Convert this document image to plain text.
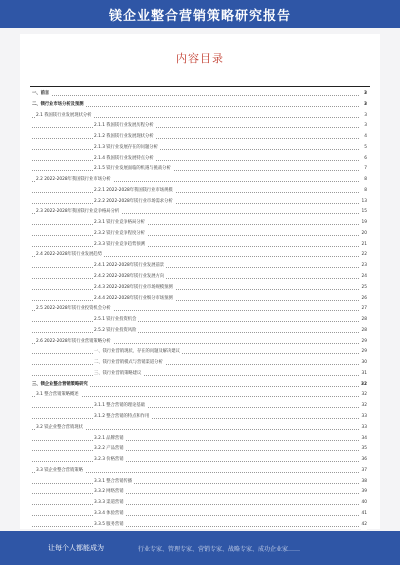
镁企业整合营销策略研究报告
内容目录
一、前言	3
二、镁行业市场分析及预测	3
2.1 我国镁行业发展现状分析	3
2.1.1 我国镁行业发展历程分析	3
2.1.2 我国镁行业发展现状分析	4
2.1.3 镁行业发展存在的问题分析	5
2.1.4 我国镁行业发展特点分析	6
2.1.5 镁行业发展面临的机遇与挑战分析	7
2.2 2022-2028年我国镁行业市场分析	8
2.2.1 2022-2028年我国镁行业市场规模	8
2.2.2 2022-2028年镁行业市场需求分析	13
2.3 2022-2028年我国镁行业竞争格局分析	15
2.3.1 镁行业竞争格局分析	19
2.3.2 镁行业竞争程度分析	20
2.3.3 镁行业竞争趋势预测	21
2.4 2022-2028年镁行业发展趋势	22
2.4.1 2022-2028年镁行业发展前景	23
2.4.2 2022-2028年镁行业发展方向	24
2.4.3 2022-2028年镁行业市场规模预测	25
2.4.4 2022-2028年镁行业细分市场预测	26
2.5 2022-2028年镁行业投资机会分析	27
2.5.1 镁行业投资机会	28
2.5.2 镁行业投资风险	28
2.6 2022-2028年镁行业营销策略分析	29
一、镁行业营销现状、存在的问题及解决建议	29
二、镁行业营销模式与营销渠道分析	30
三、镁行业营销策略建议	31
三、镁企业整合营销策略研究	32
3.1 整合营销策略概述	32
3.1.1 整合营销的理论基础	32
3.1.2 整合营销的特点和作用	33
3.2 镁企业整合营销现状	33
3.2.1 品牌营销	34
3.2.2 产品营销	35
3.2.3 价格营销	36
3.3 镁企业整合营销策略	37
3.3.1 整合营销传播	38
3.3.2 网络营销	39
3.3.3 渠道营销	40
3.3.4 体验营销	41
3.3.5 服务营销	42
让每个人都能成为	行业专家、管理专家、营销专家、战略专家、成功企业家……
